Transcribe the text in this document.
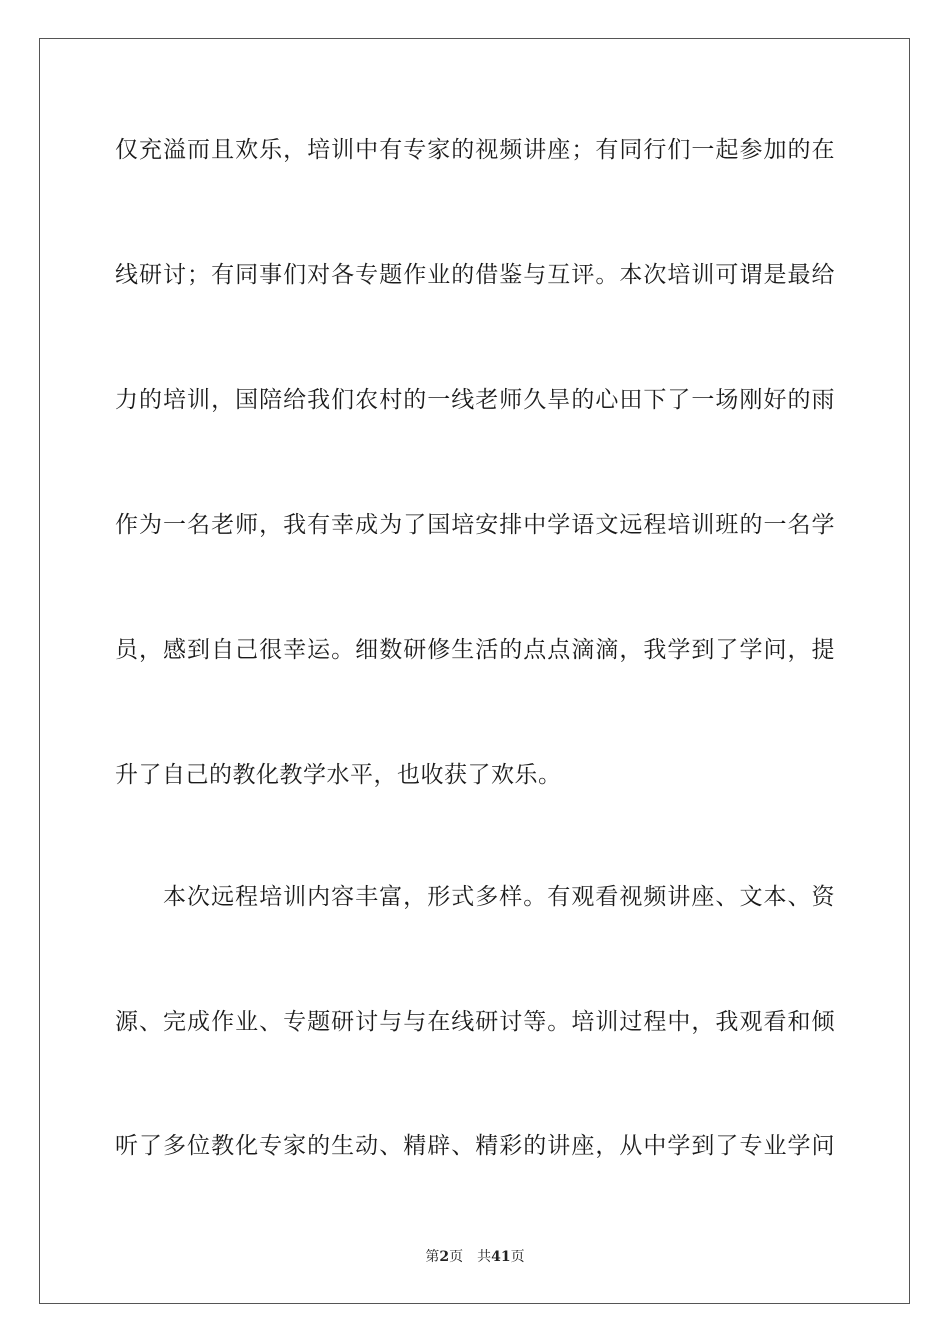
仅充溢而且欢乐，培训中有专家的视频讲座；有同行们一起参加的在
线研讨；有同事们对各专题作业的借鉴与互评。本次培训可谓是最给
力的培训，国陪给我们农村的一线老师久旱的心田下了一场刚好的雨
作为一名老师，我有幸成为了国培安排中学语文远程培训班的一名学
员，感到自己很幸运。细数研修生活的点点滴滴，我学到了学问，提
升了自己的教化教学水平，也收获了欢乐。
本次远程培训内容丰富，形式多样。有观看视频讲座、文本、资
源、完成作业、专题研讨与与在线研讨等。培训过程中，我观看和倾
听了多位教化专家的生动、精辟、精彩的讲座，从中学到了专业学问
第2页 共41页
